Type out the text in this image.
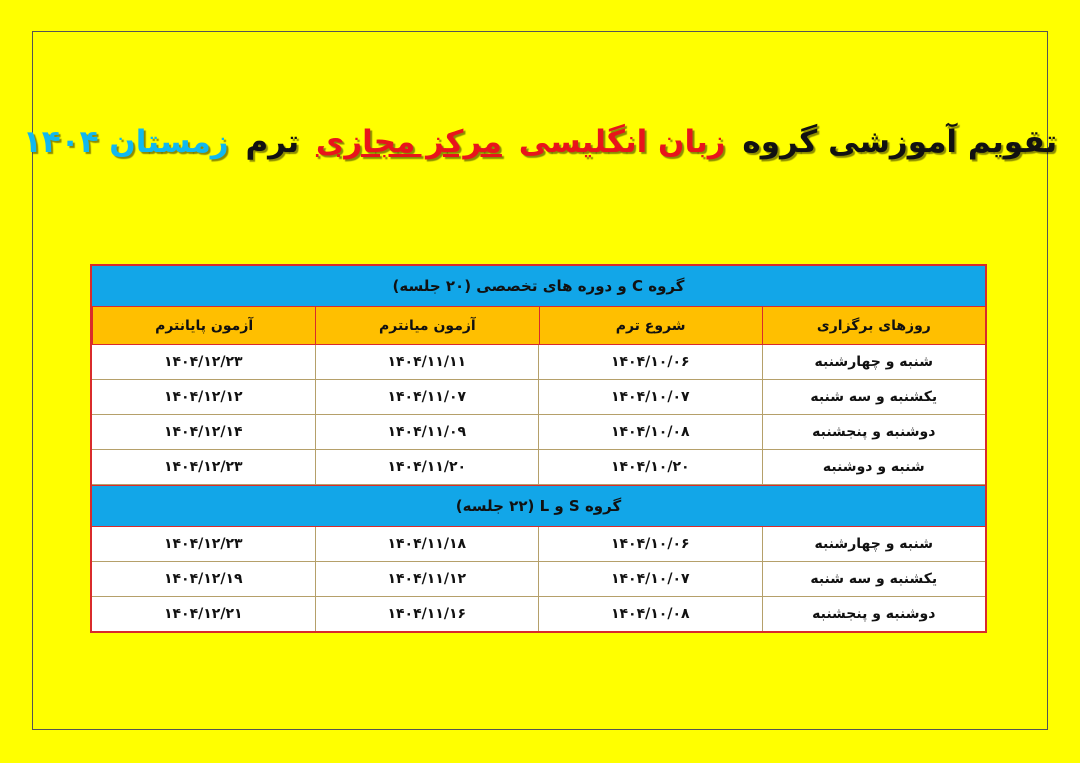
تقویم آموزشی گروه زبان انگلیسی مرکز مجازی ترم زمستان ۱۴۰۴
گروه C و دوره های تخصصی (۲۰ جلسه)
روزهای برگزاری
شروع ترم
آزمون میانترم
آزمون پایانترم
شنبه و چهارشنبه
۱۴۰۴/۱۰/۰۶
۱۴۰۴/۱۱/۱۱
۱۴۰۴/۱۲/۲۳
یکشنبه و سه شنبه
۱۴۰۴/۱۰/۰۷
۱۴۰۴/۱۱/۰۷
۱۴۰۴/۱۲/۱۲
دوشنبه و پنجشنبه
۱۴۰۴/۱۰/۰۸
۱۴۰۴/۱۱/۰۹
۱۴۰۴/۱۲/۱۴
شنبه و دوشنبه
۱۴۰۴/۱۰/۲۰
۱۴۰۴/۱۱/۲۰
۱۴۰۴/۱۲/۲۳
گروه S و L (۲۲ جلسه)
شنبه و چهارشنبه
۱۴۰۴/۱۰/۰۶
۱۴۰۴/۱۱/۱۸
۱۴۰۴/۱۲/۲۳
یکشنبه و سه شنبه
۱۴۰۴/۱۰/۰۷
۱۴۰۴/۱۱/۱۲
۱۴۰۴/۱۲/۱۹
دوشنبه و پنجشنبه
۱۴۰۴/۱۰/۰۸
۱۴۰۴/۱۱/۱۶
۱۴۰۴/۱۲/۲۱
